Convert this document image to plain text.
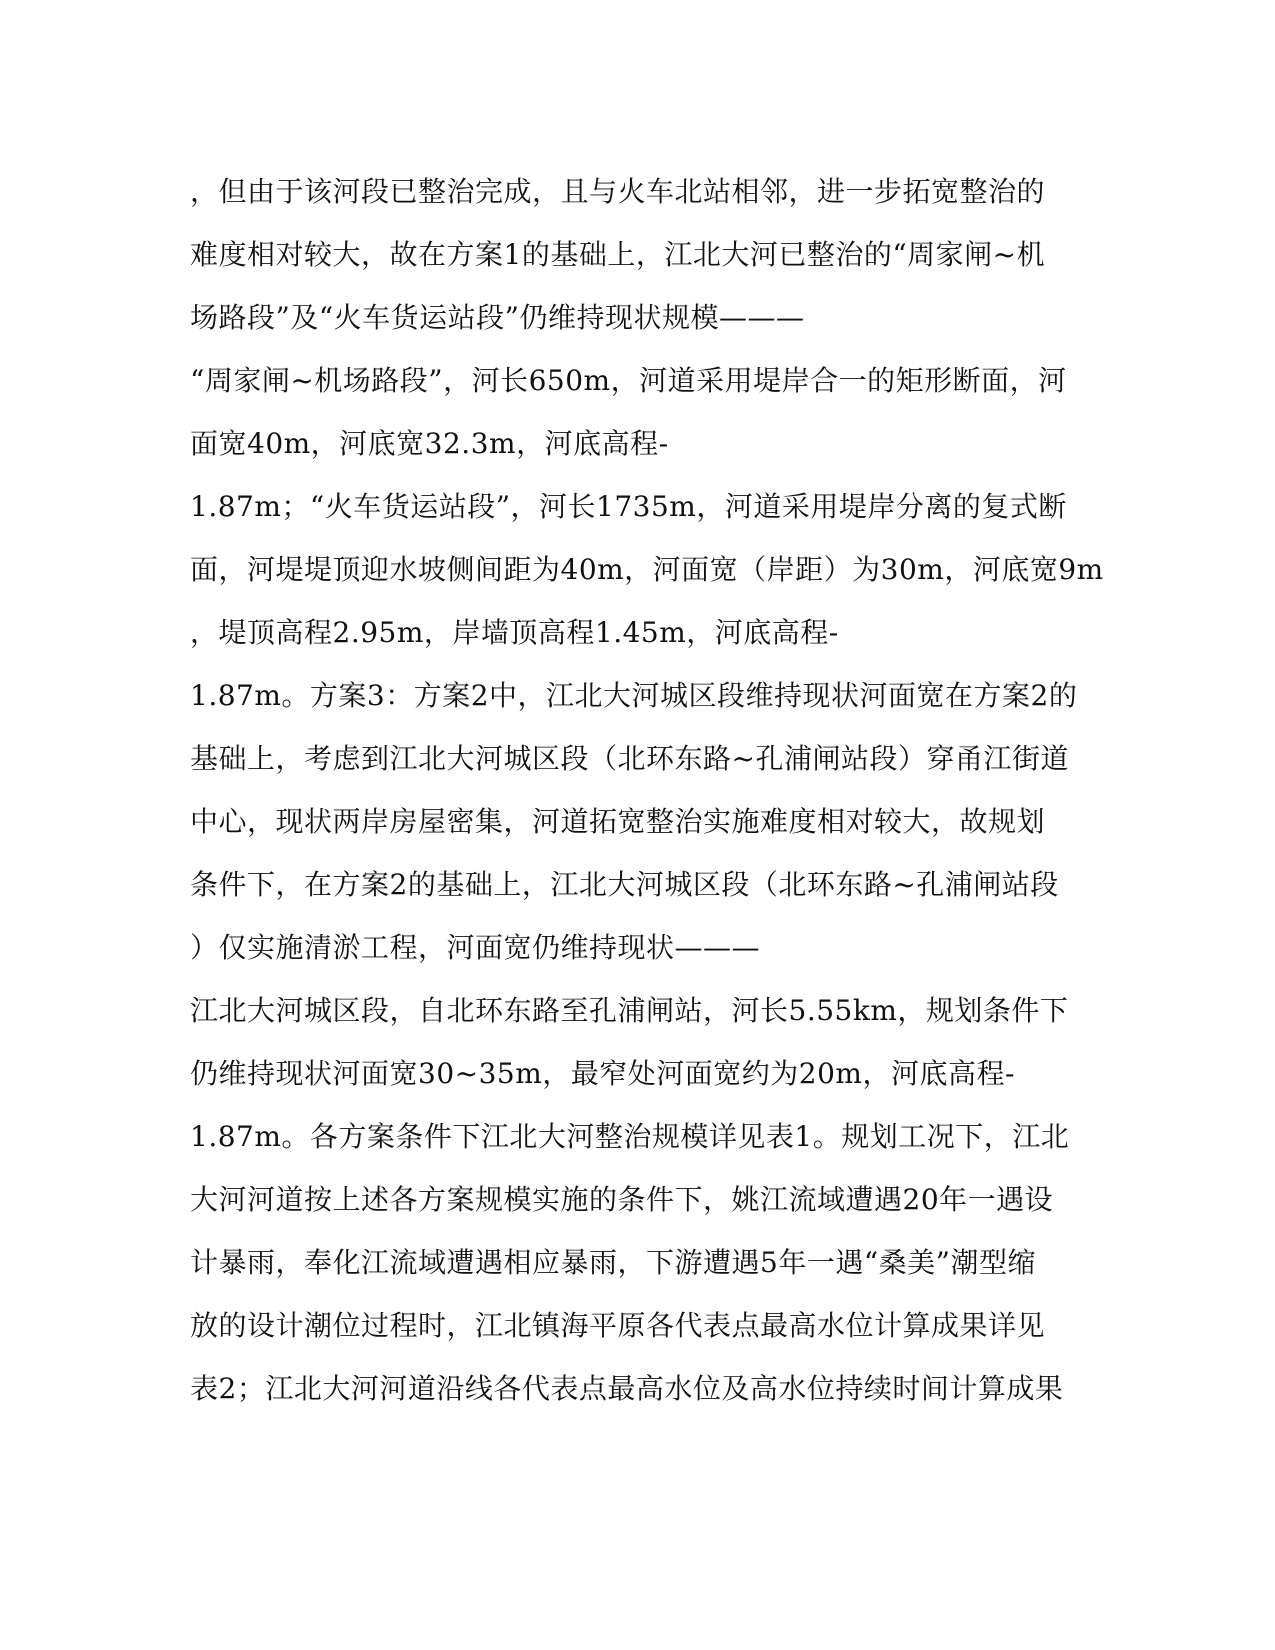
，但由于该河段已整治完成，且与火车北站相邻，进一步拓宽整治的
难度相对较大，故在方案1的基础上，江北大河已整治的“周家闸~机
场路段”及“火车货运站段”仍维持现状规模———
“周家闸~机场路段”，河长650m，河道采用堤岸合一的矩形断面，河
面宽40m，河底宽32.3m，河底高程-
1.87m；“火车货运站段”，河长1735m，河道采用堤岸分离的复式断
面，河堤堤顶迎水坡侧间距为40m，河面宽（岸距）为30m，河底宽9m
，堤顶高程2.95m，岸墙顶高程1.45m，河底高程-
1.87m。方案3：方案2中，江北大河城区段维持现状河面宽在方案2的
基础上，考虑到江北大河城区段（北环东路~孔浦闸站段）穿甬江街道
中心，现状两岸房屋密集，河道拓宽整治实施难度相对较大，故规划
条件下，在方案2的基础上，江北大河城区段（北环东路~孔浦闸站段
）仅实施清淤工程，河面宽仍维持现状———
江北大河城区段，自北环东路至孔浦闸站，河长5.55km，规划条件下
仍维持现状河面宽30~35m，最窄处河面宽约为20m，河底高程-
1.87m。各方案条件下江北大河整治规模详见表1。规划工况下，江北
大河河道按上述各方案规模实施的条件下，姚江流域遭遇20年一遇设
计暴雨，奉化江流域遭遇相应暴雨，下游遭遇5年一遇“桑美”潮型缩
放的设计潮位过程时，江北镇海平原各代表点最高水位计算成果详见
表2；江北大河河道沿线各代表点最高水位及高水位持续时间计算成果
